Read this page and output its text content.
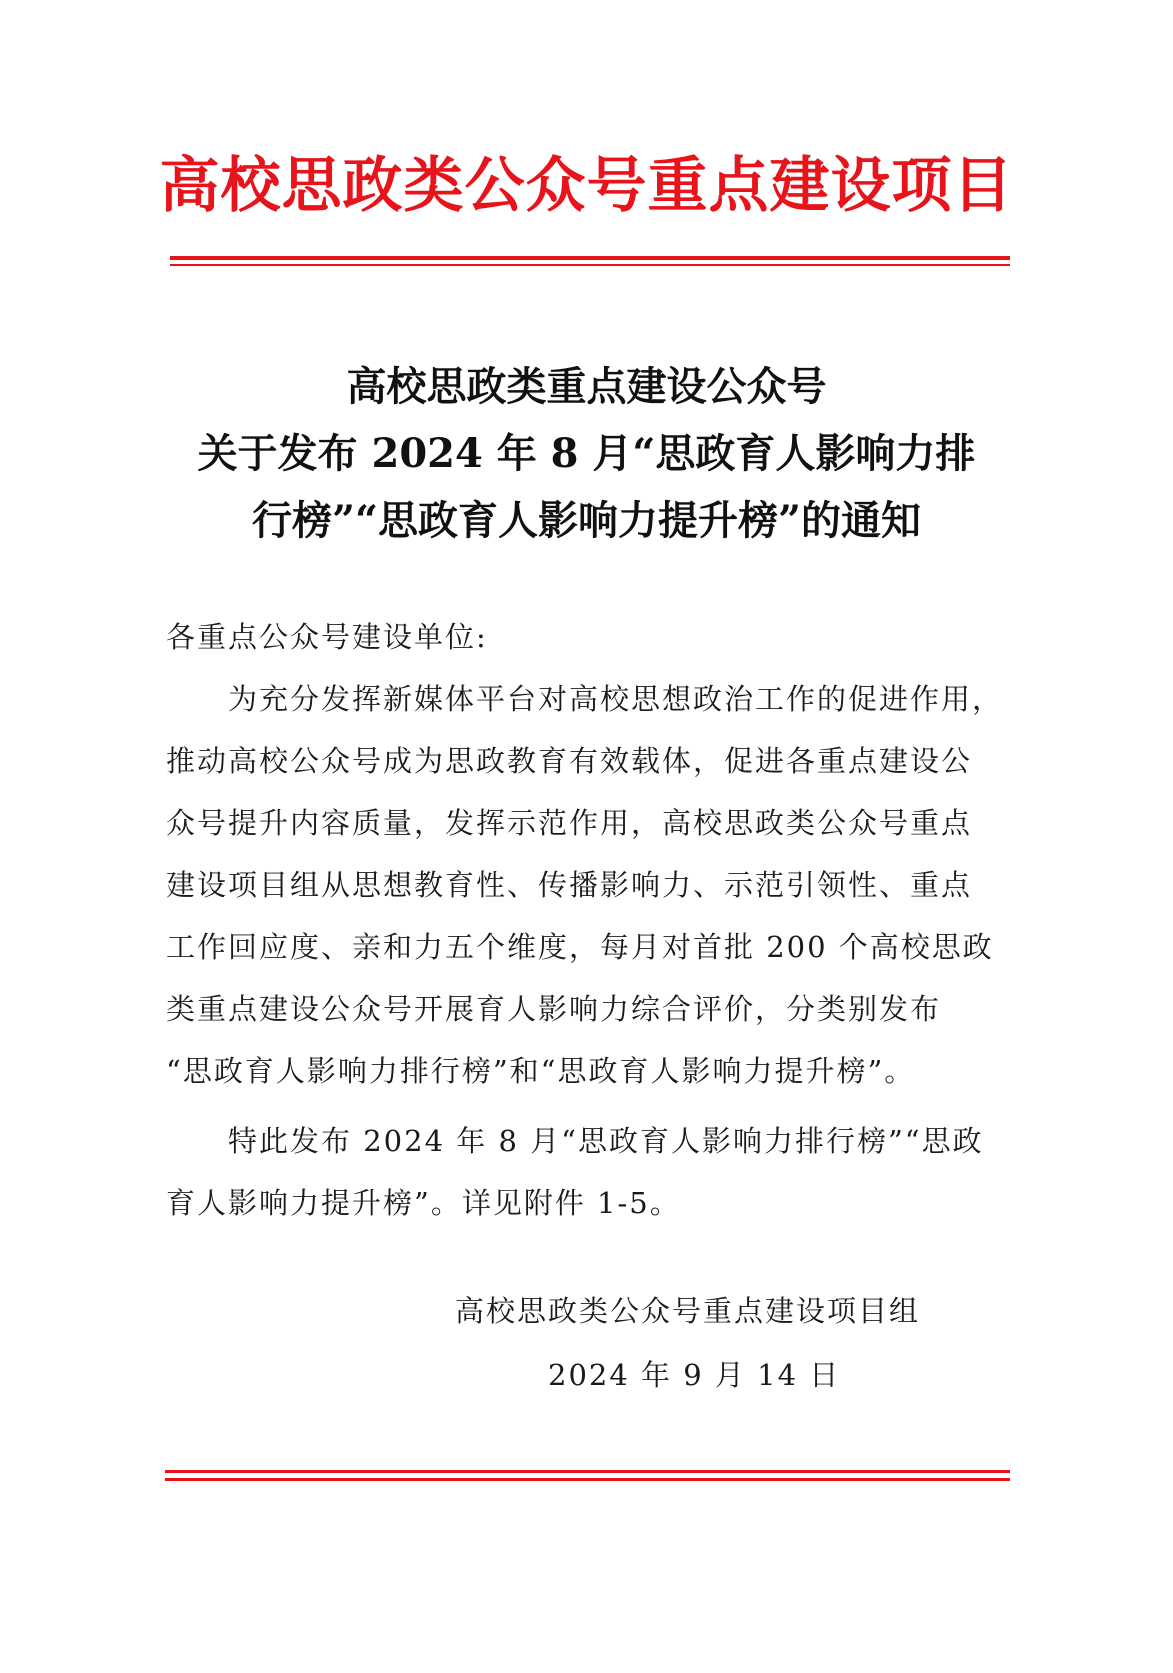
高校思政类公众号重点建设项目
高校思政类重点建设公众号
关于发布 2024 年 8 月“思政育人影响力排
行榜”“思政育人影响力提升榜”的通知
各重点公众号建设单位:
　　为充分发挥新媒体平台对高校思想政治工作的促进作用，
推动高校公众号成为思政教育有效载体，促进各重点建设公
众号提升内容质量，发挥示范作用，高校思政类公众号重点
建设项目组从思想教育性、传播影响力、示范引领性、重点
工作回应度、亲和力五个维度，每月对首批 200 个高校思政
类重点建设公众号开展育人影响力综合评价，分类别发布
“思政育人影响力排行榜”和“思政育人影响力提升榜”。
　　特此发布 2024 年 8 月“思政育人影响力排行榜”“思政
育人影响力提升榜”。详见附件 1-5。
高校思政类公众号重点建设项目组
2024 年 9 月 14 日
